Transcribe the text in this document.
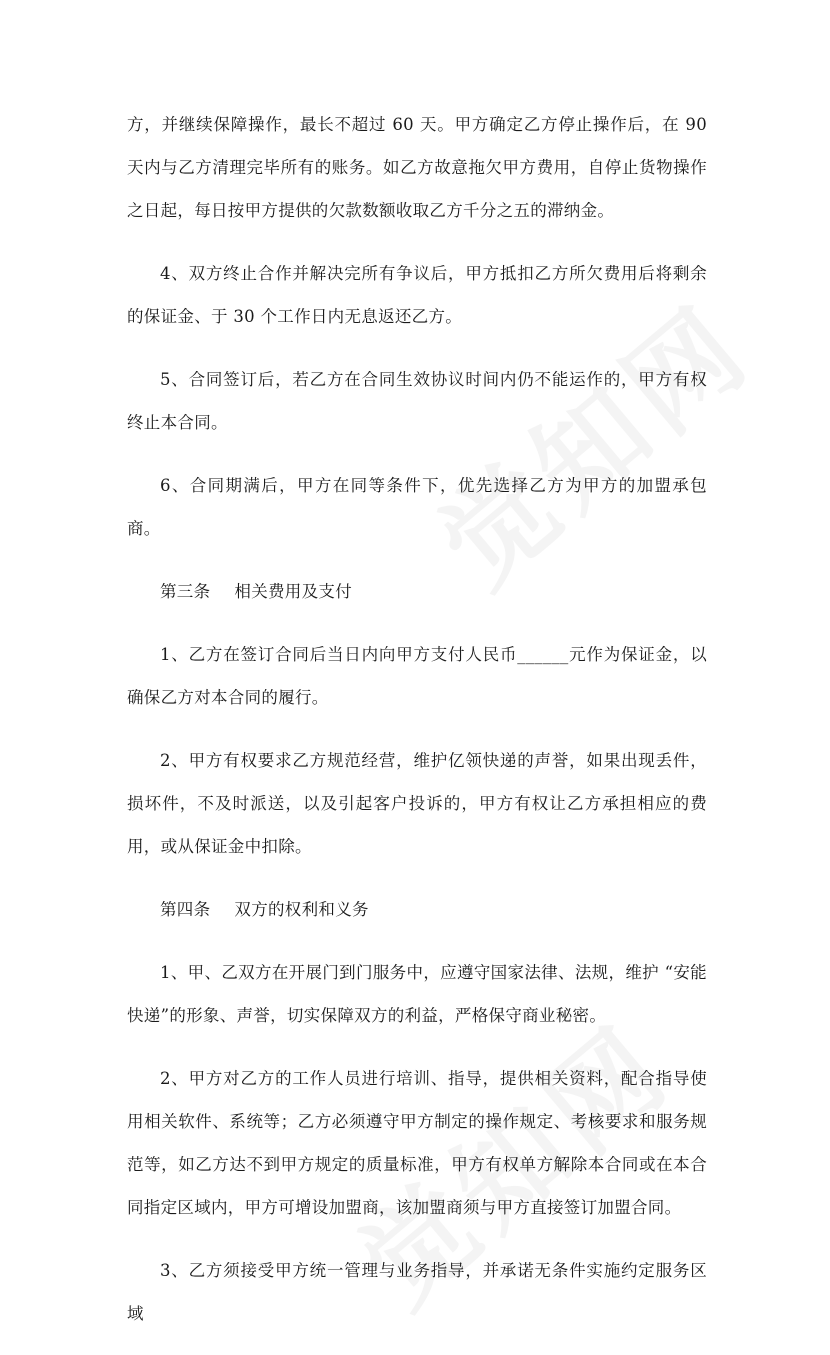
方，并继续保障操作，最长不超过 60 天。甲方确定乙方停止操作后，在 90 天内与乙方清理完毕所有的账务。如乙方故意拖欠甲方费用，自停止货物操作之日起，每日按甲方提供的欠款数额收取乙方千分之五的滞纳金。

4、双方终止合作并解决完所有争议后，甲方抵扣乙方所欠费用后将剩余的保证金、于 30 个工作日内无息返还乙方。

5、合同签订后，若乙方在合同生效协议时间内仍不能运作的，甲方有权终止本合同。

6、合同期满后，甲方在同等条件下，优先选择乙方为甲方的加盟承包商。

第三条 相关费用及支付

1、乙方在签订合同后当日内向甲方支付人民币______元作为保证金，以确保乙方对本合同的履行。

2、甲方有权要求乙方规范经营，维护亿领快递的声誉，如果出现丢件，损坏件，不及时派送，以及引起客户投诉的，甲方有权让乙方承担相应的费用，或从保证金中扣除。

第四条 双方的权利和义务

1、甲、乙双方在开展门到门服务中，应遵守国家法律、法规，维护 “安能快递”的形象、声誉，切实保障双方的利益，严格保守商业秘密。

2、甲方对乙方的工作人员进行培训、指导，提供相关资料，配合指导使用相关软件、系统等；乙方必须遵守甲方制定的操作规定、考核要求和服务规范等，如乙方达不到甲方规定的质量标准，甲方有权单方解除本合同或在本合同指定区域内，甲方可增设加盟商，该加盟商须与甲方直接签订加盟合同。

3、乙方须接受甲方统一管理与业务指导，并承诺无条件实施约定服务区域
